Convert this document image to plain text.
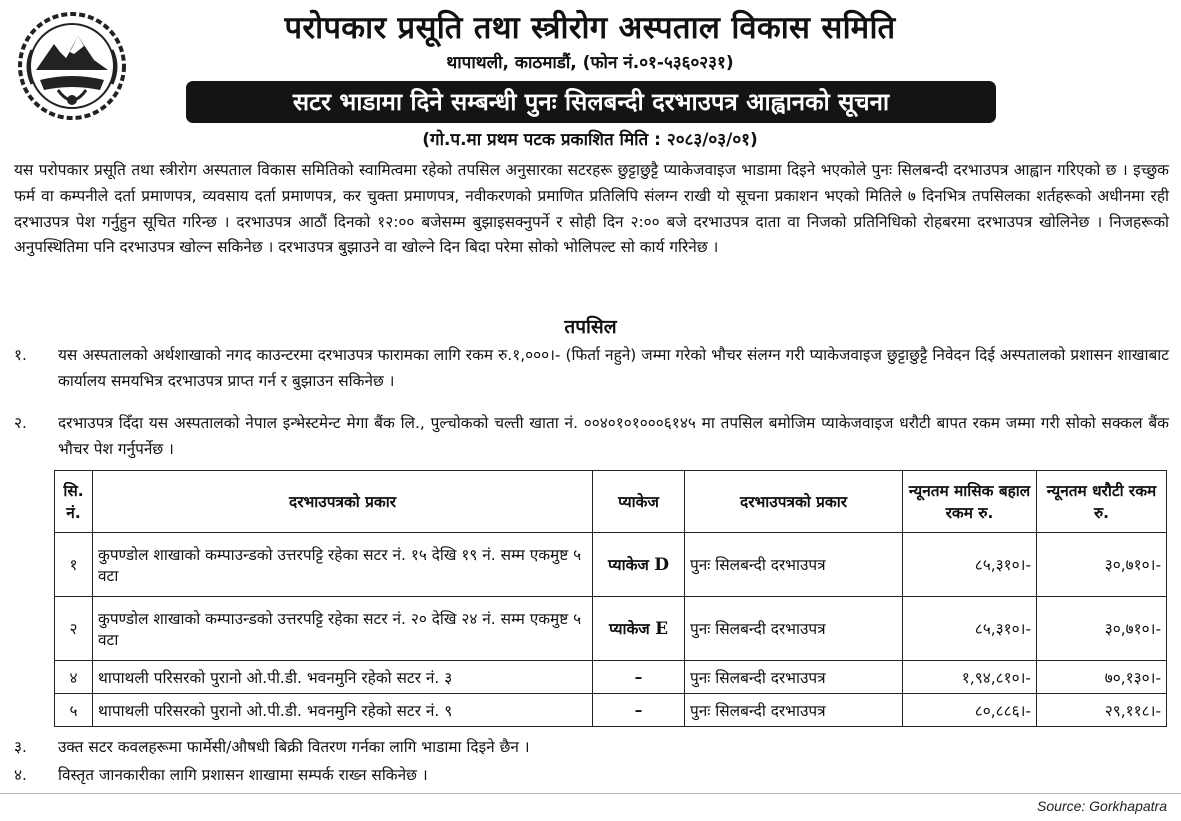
परोपकार प्रसूति तथा स्त्रीरोग अस्पताल विकास समिति
थापाथली, काठमाडौं, (फोन नं.०१-५३६०२३१)
सटर भाडामा दिने सम्बन्धी पुनः सिलबन्दी दरभाउपत्र आह्वानको सूचना
(गो.प.मा प्रथम पटक प्रकाशित मिति : २०८३/०३/०१)

यस परोपकार प्रसूति तथा स्त्रीरोग अस्पताल विकास समितिको स्वामित्वमा रहेको तपसिल अनुसारका सटरहरू छुट्टाछुट्टै प्याकेजवाइज भाडामा दिइने भएकोले पुनः सिलबन्दी दरभाउपत्र आह्वान गरिएको छ । इच्छुक फर्म वा कम्पनीले दर्ता प्रमाणपत्र, व्यवसाय दर्ता प्रमाणपत्र, कर चुक्ता प्रमाणपत्र, नवीकरणको प्रमाणित प्रतिलिपि संलग्न राखी यो सूचना प्रकाशन भएको मितिले ७ दिनभित्र तपसिलका शर्तहरूको अधीनमा रही दरभाउपत्र पेश गर्नुहुन सूचित गरिन्छ । दरभाउपत्र आठौं दिनको १२:०० बजेसम्म बुझाइसक्नुपर्ने र सोही दिन २:०० बजे दरभाउपत्र दाता वा निजको प्रतिनिधिको रोहबरमा दरभाउपत्र खोलिनेछ । निजहरूको अनुपस्थितिमा पनि दरभाउपत्र खोल्न सकिनेछ । दरभाउपत्र बुझाउने वा खोल्ने दिन बिदा परेमा सोको भोलिपल्ट सो कार्य गरिनेछ ।

तपसिल
१. यस अस्पतालको अर्थशाखाको नगद काउन्टरमा दरभाउपत्र फारामका लागि रकम रु.१,०००।- (फिर्ता नहुने) जम्मा गरेको भौचर संलग्न गरी प्याकेजवाइज छुट्टाछुट्टै निवेदन दिई अस्पतालको प्रशासन शाखाबाट कार्यालय समयभित्र दरभाउपत्र प्राप्त गर्न र बुझाउन सकिनेछ ।
२. दरभाउपत्र दिँदा यस अस्पतालको नेपाल इन्भेस्टमेन्ट मेगा बैंक लि., पुल्चोकको चल्ती खाता नं. ००४०१०१०००६१४५ मा तपसिल बमोजिम प्याकेजवाइज धरौटी बापत रकम जम्मा गरी सोको सक्कल बैंक भौचर पेश गर्नुपर्नेछ ।
सि. नं.	दरभाउपत्रको प्रकार	प्याकेज	दरभाउपत्रको प्रकार	न्यूनतम मासिक बहाल रकम रु.	न्यूनतम धरौटी रकम रु.
१	कुपण्डोल शाखाको कम्पाउन्डको उत्तरपट्टि रहेका सटर नं. १५ देखि १९ नं. सम्म एकमुष्ट ५ वटा	प्याकेज D	पुनः सिलबन्दी दरभाउपत्र	८५,३१०।-	३०,७१०।-
२	कुपण्डोल शाखाको कम्पाउन्डको उत्तरपट्टि रहेका सटर नं. २० देखि २४ नं. सम्म एकमुष्ट ५ वटा	प्याकेज E	पुनः सिलबन्दी दरभाउपत्र	८५,३१०।-	३०,७१०।-
४	थापाथली परिसरको पुरानो ओ.पी.डी. भवनमुनि रहेको सटर नं. ३	–	पुनः सिलबन्दी दरभाउपत्र	१,९४,८१०।-	७०,१३०।-
५	थापाथली परिसरको पुरानो ओ.पी.डी. भवनमुनि रहेको सटर नं. ९	–	पुनः सिलबन्दी दरभाउपत्र	८०,८८६।-	२९,११८।-
३. उक्त सटर कवलहरूमा फार्मेसी/औषधी बिक्री वितरण गर्नका लागि भाडामा दिइने छैन ।
४. विस्तृत जानकारीका लागि प्रशासन शाखामा सम्पर्क राख्न सकिनेछ ।
Source: Gorkhapatra
